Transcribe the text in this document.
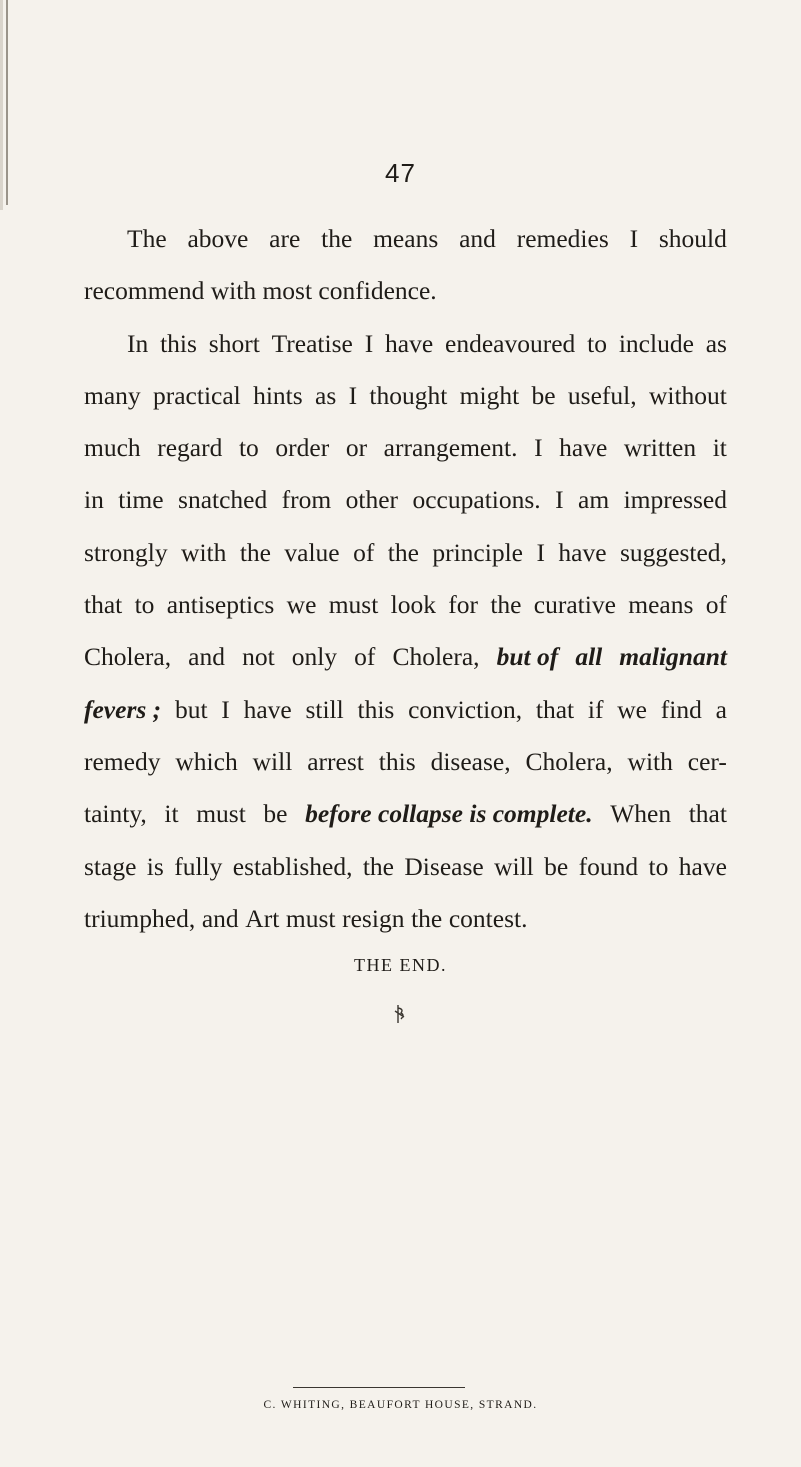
47
The above are the means and remedies I should
recommend with most confidence.
In this short Treatise I have endeavoured to include as
many practical hints as I thought might be useful, without
much regard to order or arrangement. I have written it
in time snatched from other occupations. I am impressed
strongly with the value of the principle I have suggested,
that to antiseptics we must look for the curative means of
Cholera, and not only of Cholera, but of all malignant
fevers ; but I have still this conviction, that if we find a
remedy which will arrest this disease, Cholera, with cer-
tainty, it must be before collapse is complete. When that
stage is fully established, the Disease will be found to have
triumphed, and Art must resign the contest.
THE END.
C. WHITING, BEAUFORT HOUSE, STRAND.
